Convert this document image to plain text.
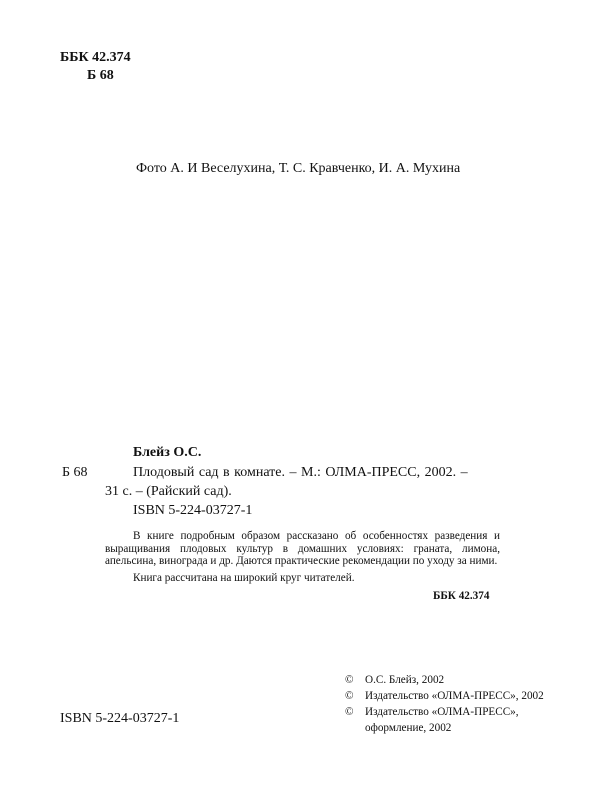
ББК 42.374
Б 68
Фото А. И Веселухина, Т. С. Кравченко, И. А. Мухина
Блейз О.С.
Б 68	Плодовый сад в комнате. – М.: ОЛМА-ПРЕСС, 2002. –
31 с. – (Райский сад).
ISBN 5-224-03727-1
В книге подробным образом рассказано об особенностях разведения и выращивания плодовых культур в домашних условиях: граната, лимона, апельсина, винограда и др. Даются практические рекомендации по уходу за ними.
Книга рассчитана на широкий круг читателей.
ББК 42.374
©	О.С. Блейз, 2002
©	Издательство «ОЛМА-ПРЕСС», 2002
©	Издательство «ОЛМА-ПРЕСС»,
оформление, 2002
ISBN 5-224-03727-1
